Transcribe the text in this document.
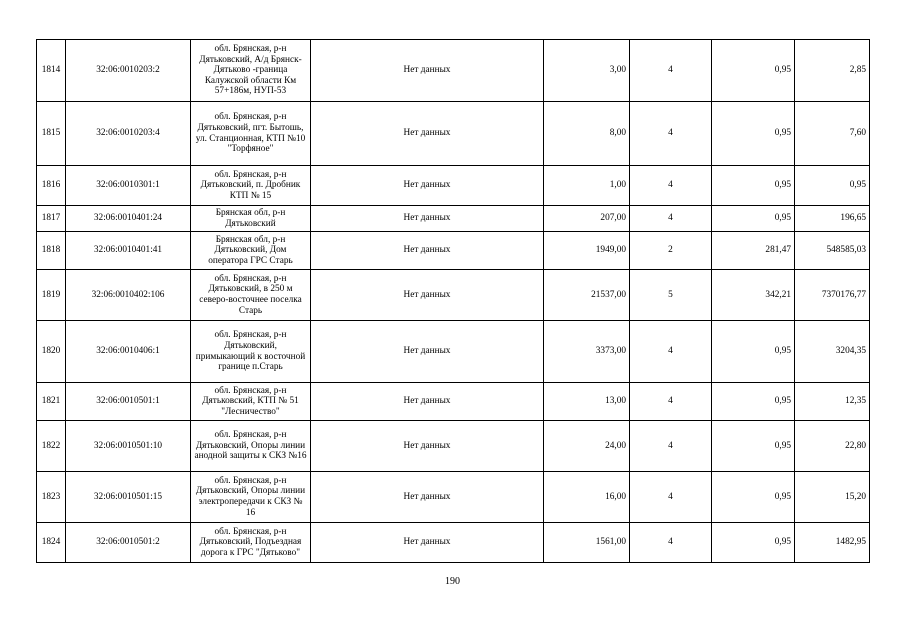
1814	32:06:0010203:2	обл. Брянская, р-н Дятьковский, А/д Брянск-Дятьково -граница Калужской области Км 57+186м, НУП-53	Нет данных	3,00	4	0,95	2,85
1815	32:06:0010203:4	обл. Брянская, р-н Дятьковский, пгт. Бытошь, ул. Станционная, КТП №10 "Торфяное"	Нет данных	8,00	4	0,95	7,60
1816	32:06:0010301:1	обл. Брянская, р-н Дятьковский, п. Дробник КТП № 15	Нет данных	1,00	4	0,95	0,95
1817	32:06:0010401:24	Брянская обл, р-н Дятьковский	Нет данных	207,00	4	0,95	196,65
1818	32:06:0010401:41	Брянская обл, р-н Дятьковский, Дом оператора ГРС Старь	Нет данных	1949,00	2	281,47	548585,03
1819	32:06:0010402:106	обл. Брянская, р-н Дятьковский, в 250 м северо-восточнее поселка Старь	Нет данных	21537,00	5	342,21	7370176,77
1820	32:06:0010406:1	обл. Брянская, р-н Дятьковский, примыкающий к восточной границе п.Старь	Нет данных	3373,00	4	0,95	3204,35
1821	32:06:0010501:1	обл. Брянская, р-н Дятьковский, КТП № 51 "Лесничество"	Нет данных	13,00	4	0,95	12,35
1822	32:06:0010501:10	обл. Брянская, р-н Дятьковский, Опоры линии анодной защиты к СКЗ №16	Нет данных	24,00	4	0,95	22,80
1823	32:06:0010501:15	обл. Брянская, р-н Дятьковский, Опоры линии электропередачи к СКЗ № 16	Нет данных	16,00	4	0,95	15,20
1824	32:06:0010501:2	обл. Брянская, р-н Дятьковский, Подъездная дорога к ГРС "Дятьково"	Нет данных	1561,00	4	0,95	1482,95
190
